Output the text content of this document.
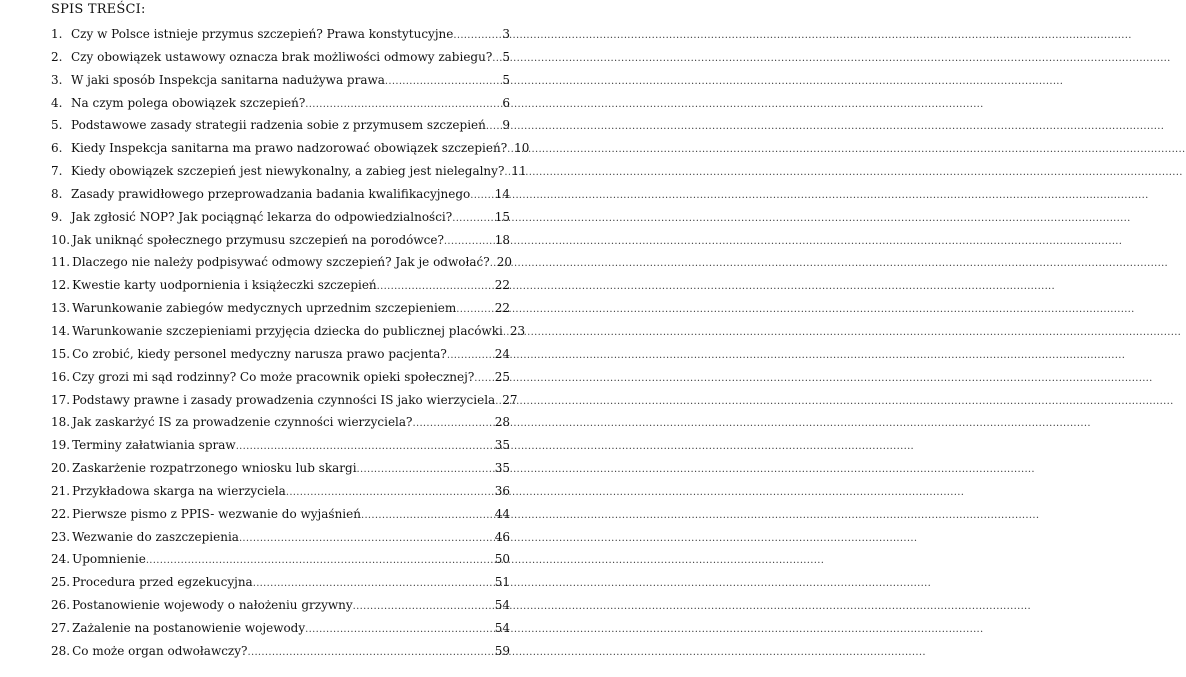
SPIS TREŚCI:
1. Czy w Polsce istnieje przymus szczepień? Prawa konstytucyjne .....	3
2. Czy obowiązek ustawowy oznacza brak możliwości odmowy zabiegu? ..... 5
3. W jaki sposób Inspekcja sanitarna nadużywa prawa .....	5
4. Na czym polega obowiązek szczepień? .....	6
5. Podstawowe zasady strategii radzenia sobie z przymusem szczepień ..... 9
6. Kiedy Inspekcja sanitarna ma prawo nadzorować obowiązek szczepień? ..... 10
7. Kiedy obowiązek szczepień jest niewykonalny, a zabieg jest nielegalny? ..... 11
8. Zasady prawidłowego przeprowadzania badania kwalifikacyjnego ..... 14
9. Jak zgłosić NOP? Jak pociągnąć lekarza do odpowiedzialności? .....	15
10. Jak uniknąć społecznego przymusu szczepień na porodówce? .....	18
11. Dlaczego nie należy podpisywać odmowy szczepień? Jak je odwołać? ..... 20
12. Kwestie karty uodpornienia i książeczki szczepień .....	22
13. Warunkowanie zabiegów medycznych uprzednim szczepieniem .....	22
14. Warunkowanie szczepieniami przyjęcia dziecka do publicznej placówki ..... 23
15. Co zrobić, kiedy personel medyczny narusza prawo pacjenta? .....	24
16. Czy grozi mi sąd rodzinny? Co może pracownik opieki społecznej? ..... 25
17. Podstawy prawne i zasady prowadzenia czynności IS jako wierzyciela ..... 27
18. Jak zaskarżyć IS za prowadzenie czynności wierzyciela? .....	28
19. Terminy załatwiania spraw .....	35
20. Zaskarżenie rozpatrzonego wniosku lub skargi .....	35
21. Przykładowa skarga na wierzyciela .....	36
22. Pierwsze pismo z PPIS- wezwanie do wyjaśnień .....	44
23. Wezwanie do zaszczepienia .....	46
24. Upomnienie .....	50
25. Procedura przed egzekucyjna .....	51
26. Postanowienie wojewody o nałożeniu grzywny .....	54
27. Zażalenie na postanowienie wojewody .....	54
28. Co może organ odwoławczy? .....	59
